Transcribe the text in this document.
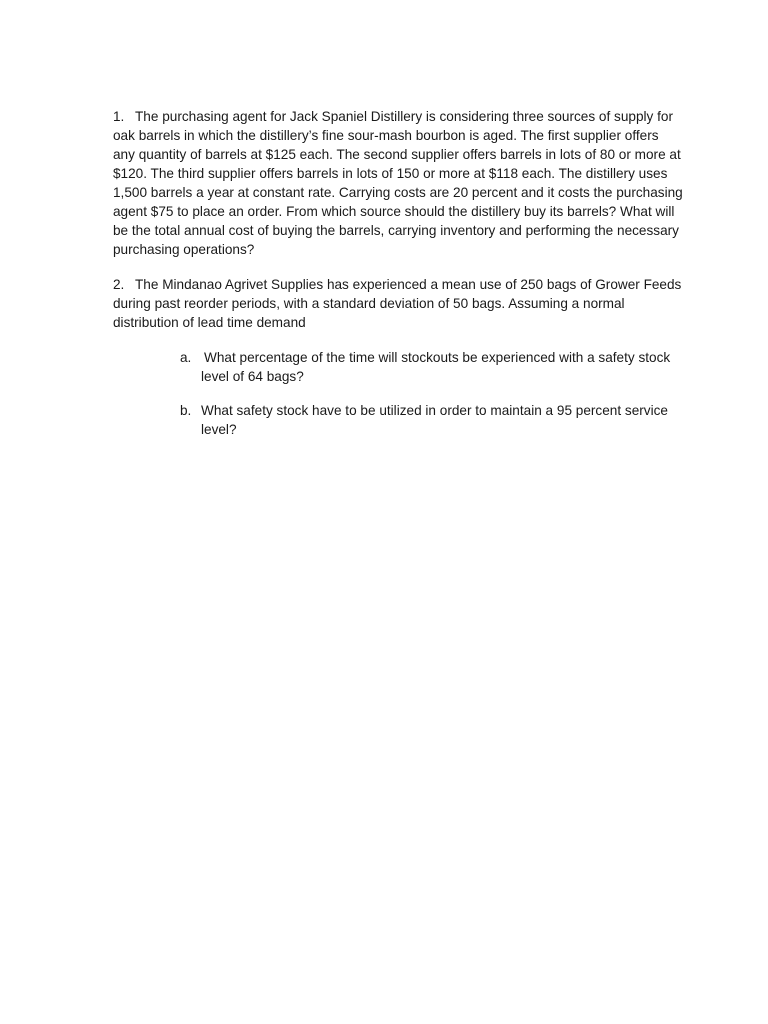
1. The purchasing agent for Jack Spaniel Distillery is considering three sources of supply for oak barrels in which the distillery’s fine sour-mash bourbon is aged. The first supplier offers any quantity of barrels at $125 each. The second supplier offers barrels in lots of 80 or more at $120. The third supplier offers barrels in lots of 150 or more at $118 each. The distillery uses 1,500 barrels a year at constant rate. Carrying costs are 20 percent and it costs the purchasing agent $75 to place an order. From which source should the distillery buy its barrels? What will be the total annual cost of buying the barrels, carrying inventory and performing the necessary purchasing operations?

2. The Mindanao Agrivet Supplies has experienced a mean use of 250 bags of Grower Feeds during past reorder periods, with a standard deviation of 50 bags. Assuming a normal distribution of lead time demand

a. What percentage of the time will stockouts be experienced with a safety stock level of 64 bags?
b. What safety stock have to be utilized in order to maintain a 95 percent service level?
